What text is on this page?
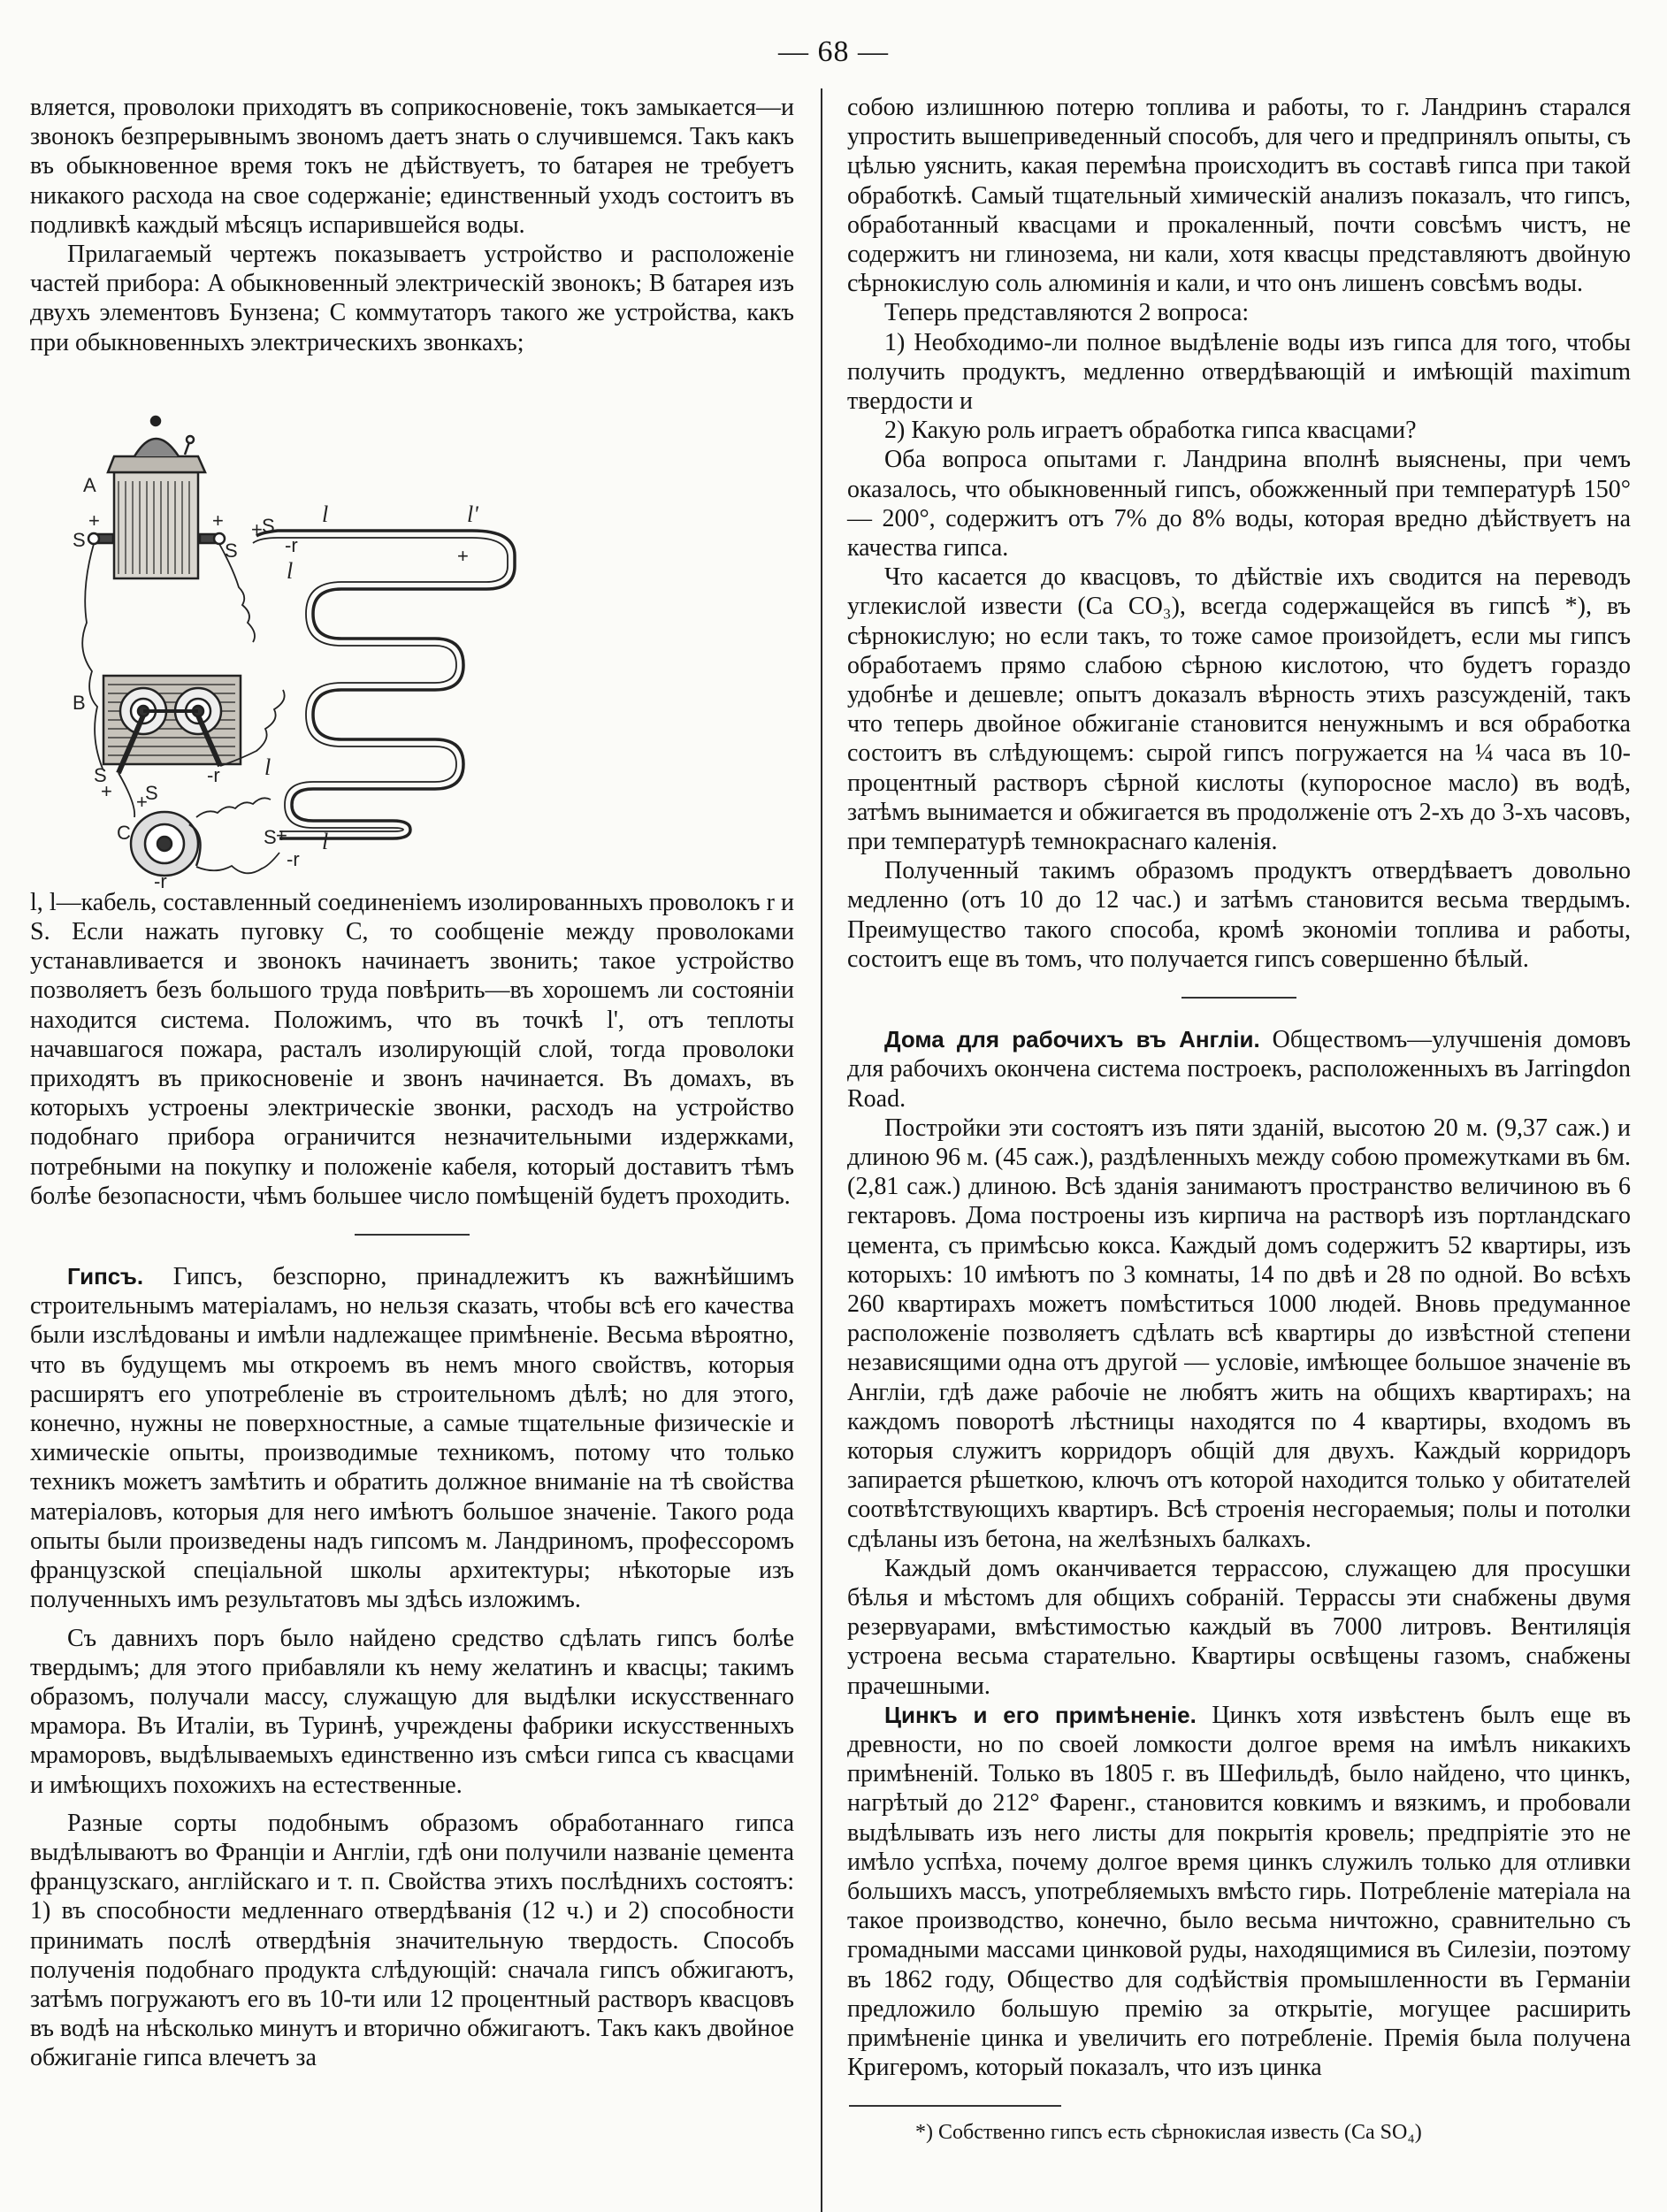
— 68 —

вляется, проволоки приходятъ въ соприкосновеніе, токъ замыкается—и звонокъ безпрерывнымъ звономъ даетъ знать о случившемся. Такъ какъ въ обыкновенное время токъ не дѣйствуетъ, то батарея не требуетъ никакого расхода на свое содержаніе; единственный уходъ состоитъ въ подливкѣ каждый мѣсяцъ испарившейся воды.

Прилагаемый чертежъ показываетъ устройство и расположеніе частей прибора: A обыкновенный электрическій звонокъ; B батарея изъ двухъ элементовъ Бунзена; C коммутаторъ такого же устройства, какъ при обыкновенныхъ электрическихъ звонкахъ;

A
B
C
S	S
S
S
S
S
+	+ +
+ +
+
+
-r
-r
-r
-r
l	l'
l
l
l

l, l—кабель, составленный соединеніемъ изолированныхъ проволокъ r и S. Если нажать пуговку C, то сообщеніе между проволоками устанавливается и звонокъ начинаетъ звонить; такое устройство позволяетъ безъ большого труда повѣрить—въ хорошемъ ли состояніи находится система. Положимъ, что въ точкѣ l', отъ теплоты начавшагося пожара, расталъ изолирующій слой, тогда проволоки приходятъ въ прикосновеніе и звонъ начинается. Въ домахъ, въ которыхъ устроены электрическіе звонки, расходъ на устройство подобнаго прибора ограничится незначительными издержками, потребными на покупку и положеніе кабеля, который доставитъ тѣмъ болѣе безопасности, чѣмъ большее число помѣщеній будетъ проходить.

Гипсъ. Гипсъ, безспорно, принадлежитъ къ важнѣйшимъ строительнымъ матеріаламъ, но нельзя сказать, чтобы всѣ его качества были изслѣдованы и имѣли надлежащее примѣненіе. Весьма вѣроятно, что въ будущемъ мы откроемъ въ немъ много свойствъ, которыя расширятъ его употребленіе въ строительномъ дѣлѣ; но для этого, конечно, нужны не поверхностные, а самые тщательные физическіе и химическіе опыты, производимые техникомъ, потому что только техникъ можетъ замѣтить и обратить должное вниманіе на тѣ свойства матеріаловъ, которыя для него имѣютъ большое значеніе. Такого рода опыты были произведены надъ гипсомъ м. Ландриномъ, профессоромъ французской спеціальной школы архитектуры; нѣкоторые изъ полученныхъ имъ результатовъ мы здѣсь изложимъ.

Съ давнихъ поръ было найдено средство сдѣлать гипсъ болѣе твердымъ; для этого прибавляли къ нему желатинъ и квасцы; такимъ образомъ, получали массу, служащую для выдѣлки искусственнаго мрамора. Въ Италіи, въ Туринѣ, учреждены фабрики искусственныхъ мраморовъ, выдѣлываемыхъ единственно изъ смѣси гипса съ квасцами и имѣющихъ похожихъ на естественные.

Разные сорты подобнымъ образомъ обработаннаго гипса выдѣлываютъ во Франціи и Англіи, гдѣ они получили названіе цемента французскаго, англійскаго и т. п. Свойства этихъ послѣднихъ состоятъ: 1) въ способности медленнаго отвердѣванія (12 ч.) и 2) способности принимать послѣ отвердѣнія значительную твердость. Способъ полученія подобнаго продукта слѣдующій: сначала гипсъ обжигаютъ, затѣмъ погружаютъ его въ 10-ти или 12 процентный растворъ квасцовъ въ водѣ на нѣсколько минутъ и вторично обжигаютъ. Такъ какъ двойное обжиганіе гипса влечетъ за

собою излишнюю потерю топлива и работы, то г. Ландринъ старался упростить вышеприведенный способъ, для чего и предпринялъ опыты, съ цѣлью уяснить, какая перемѣна происходитъ въ составѣ гипса при такой обработкѣ. Самый тщательный химическій анализъ показалъ, что гипсъ, обработанный квасцами и прокаленный, почти совсѣмъ чистъ, не содержитъ ни глинозема, ни кали, хотя квасцы представляютъ двойную сѣрнокислую соль алюминія и кали, и что онъ лишенъ совсѣмъ воды.

Теперь представляются 2 вопроса:

1) Необходимо-ли полное выдѣленіе воды изъ гипса для того, чтобы получить продуктъ, медленно отвердѣвающій и имѣющій maximum твердости и

2) Какую роль играетъ обработка гипса квасцами?

Оба вопроса опытами г. Ландрина вполнѣ выяснены, при чемъ оказалось, что обыкновенный гипсъ, обожженный при температурѣ 150° — 200°, содержитъ отъ 7% до 8% воды, которая вредно дѣйствуетъ на качества гипса.

Что касается до квасцовъ, то дѣйствіе ихъ сводится на переводъ углекислой извести (Ca CO₃), всегда содержащейся въ гипсѣ *), въ сѣрнокислую; но если такъ, то тоже самое произойдетъ, если мы гипсъ обработаемъ прямо слабою сѣрною кислотою, что будетъ гораздо удобнѣе и дешевле; опытъ доказалъ вѣрность этихъ разсужденій, такъ что теперь двойное обжиганіе становится ненужнымъ и вся обработка состоитъ въ слѣдующемъ: сырой гипсъ погружается на ¼ часа въ 10-процентный растворъ сѣрной кислоты (купоросное масло) въ водѣ, затѣмъ вынимается и обжигается въ продолженіе отъ 2-хъ до 3-хъ часовъ, при температурѣ темнокраснаго каленія.

Полученный такимъ образомъ продуктъ отвердѣваетъ довольно медленно (отъ 10 до 12 час.) и затѣмъ становится весьма твердымъ. Преимущество такого способа, кромѣ экономіи топлива и работы, состоитъ еще въ томъ, что получается гипсъ совершенно бѣлый.

Дома для рабочихъ въ Англіи. Обществомъ—улучшенія домовъ для рабочихъ окончена система построекъ, расположенныхъ въ Jarringdon Road.

Постройки эти состоятъ изъ пяти зданій, высотою 20 м. (9,37 саж.) и длиною 96 м. (45 саж.), раздѣленныхъ между собою промежутками въ 6м. (2,81 саж.) длиною. Всѣ зданія занимаютъ пространство величиною въ 6 гектаровъ. Дома построены изъ кирпича на растворѣ изъ портландскаго цемента, съ примѣсью кокса. Каждый домъ содержитъ 52 квартиры, изъ которыхъ: 10 имѣютъ по 3 комнаты, 14 по двѣ и 28 по одной. Во всѣхъ 260 квартирахъ можетъ помѣститься 1000 людей. Вновь предуманное расположеніе позволяетъ сдѣлать всѣ квартиры до извѣстной степени независящими одна отъ другой — условіе, имѣющее большое значеніе въ Англіи, гдѣ даже рабочіе не любятъ жить на общихъ квартирахъ; на каждомъ поворотѣ лѣстницы находятся по 4 квартиры, входомъ въ которыя служитъ корридоръ общій для двухъ. Каждый корридоръ запирается рѣшеткою, ключъ отъ которой находится только у обитателей соотвѣтствующихъ квартиръ. Всѣ строенія несгораемыя; полы и потолки сдѣланы изъ бетона, на желѣзныхъ балкахъ.

Каждый домъ оканчивается террассою, служащею для просушки бѣлья и мѣстомъ для общихъ собраній. Террассы эти снабжены двумя резервуарами, вмѣстимостью каждый въ 7000 литровъ. Вентиляція устроена весьма старательно. Квартиры освѣщены газомъ, снабжены прачешными.

Цинкъ и его примѣненіе. Цинкъ хотя извѣстенъ былъ еще въ древности, но по своей ломкости долгое время на имѣлъ никакихъ примѣненій. Только въ 1805 г. въ Шефильдѣ, было найдено, что цинкъ, нагрѣтый до 212° Фаренг., становится ковкимъ и вязкимъ, и пробовали выдѣлывать изъ него листы для покрытія кровель; предпріятіе это не имѣло успѣха, почему долгое время цинкъ служилъ только для отливки большихъ массъ, употребляемыхъ вмѣсто гирь. Потребленіе матеріала на такое производство, конечно, было весьма ничтожно, сравнительно съ громадными массами цинковой руды, находящимися въ Силезіи, поэтому въ 1862 году, Общество для содѣйствія промышленности въ Германіи предложило большую премію за открытіе, могущее расширить примѣненіе цинка и увеличить его потребленіе. Премія была получена Кригеромъ, который показалъ, что изъ цинка

*) Собственно гипсъ есть сѣрнокислая известь (Ca SO₄)
